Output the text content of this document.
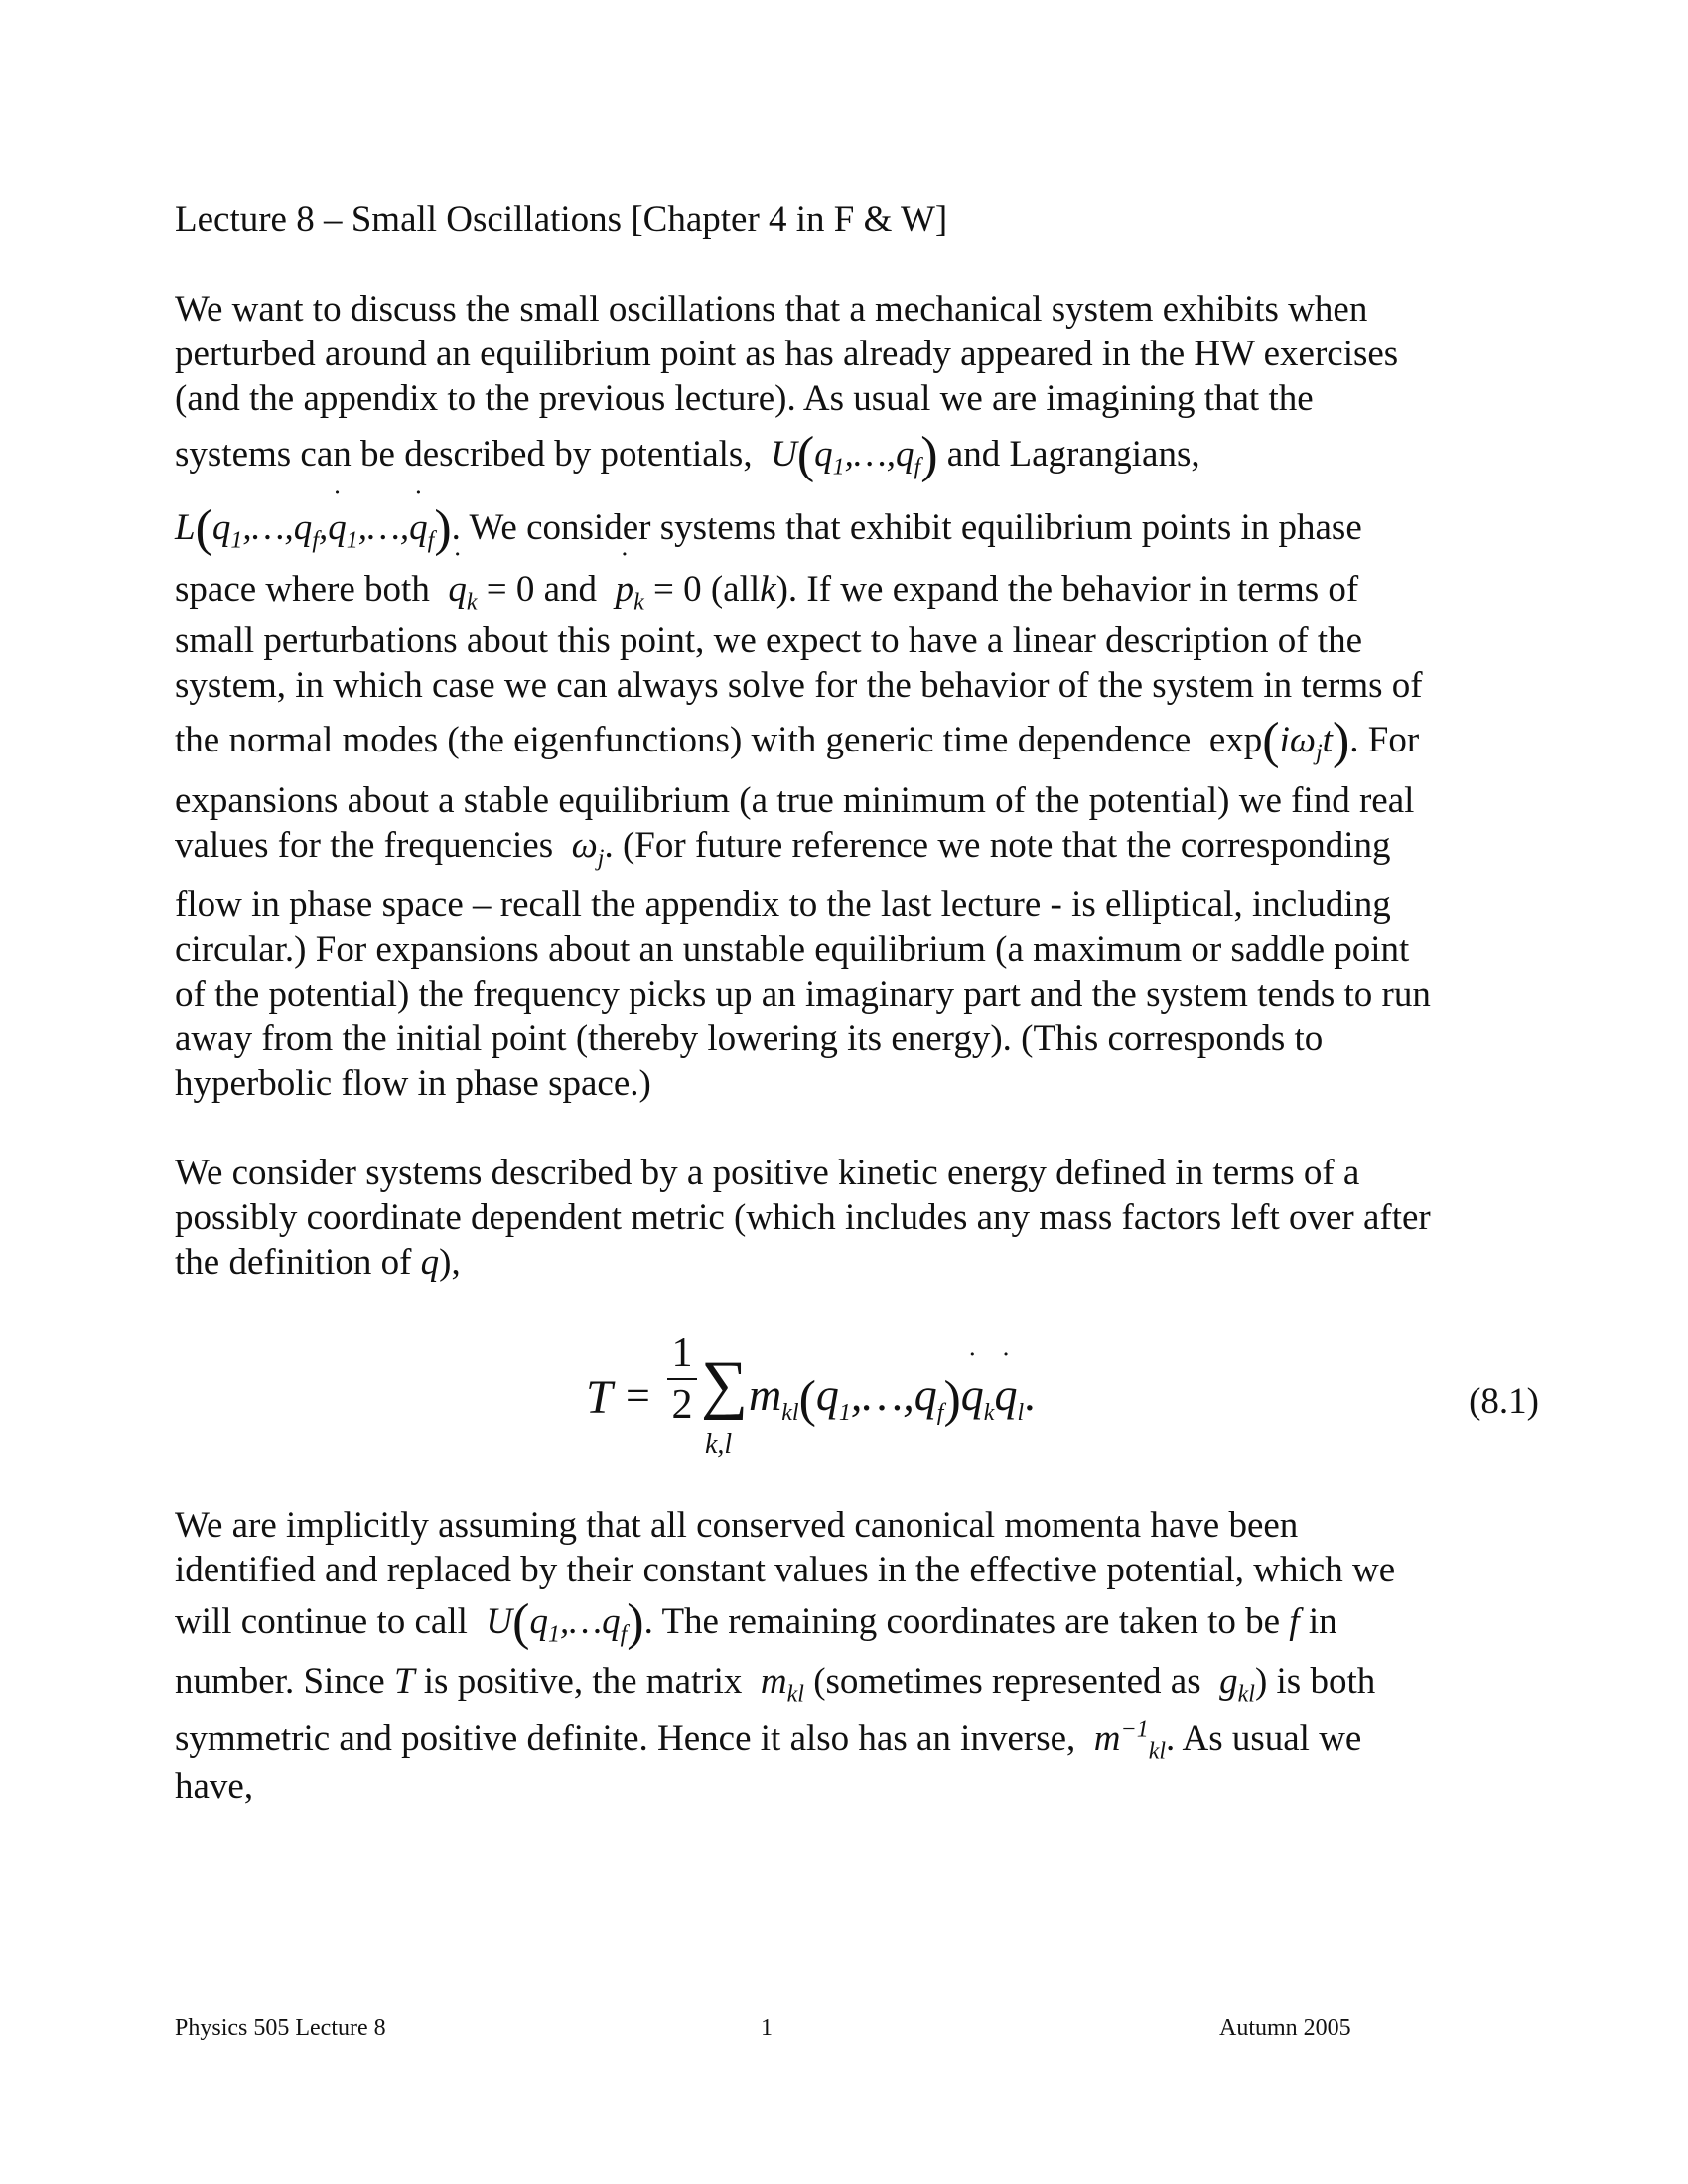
Lecture 8 – Small Oscillations [Chapter 4 in F & W]
We want to discuss the small oscillations that a mechanical system exhibits when
perturbed around an equilibrium point as has already appeared in the HW exercises
(and the appendix to the previous lecture). As usual we are imagining that the
systems can be described by potentials,  $U(q_1,\dots,q_f)$ and Lagrangians,
$L(q_1,\dots,q_f,˙$ $q_1,\dots,˙$ $q_f$). We consider systems that exhibit equilibrium points in phase
space where both ˙ $q_k = 0$ and ˙ $p_k = 0$ (allk). If we expand the behavior in terms of
small perturbations about this point, we expect to have a linear description of the
system, in which case we can always solve for the behavior of the system in terms of
the normal modes (the eigenfunctions) with generic time dependence  $\exp(i\omega_jt)$. For
expansions about a stable equilibrium (a true minimum of the potential) we find real
values for the frequencies  $\omega_j$. (For future reference we note that the corresponding
flow in phase space – recall the appendix to the last lecture - is elliptical, including
circular.) For expansions about an unstable equilibrium (a maximum or saddle point
of the potential) the frequency picks up an imaginary part and the system tends to run
away from the initial point (thereby lowering its energy). (This corresponds to
hyperbolic flow in phase space.)
We consider systems described by a positive kinetic energy defined in terms of a
possibly coordinate dependent metric (which includes any mass factors left over after
the definition of q),
T =
1
2 ∑
k,l
$m_{kl}(q_1,\dots,q_f)˙$ $q_k˙$ $q_l$.	(8.1)
We are implicitly assuming that all conserved canonical momenta have been
identified and replaced by their constant values in the effective potential, which we
will continue to call  $U(q_1,\dots q_f)$. The remaining coordinates are taken to be f in
number. Since T is positive, the matrix  $m_{kl}$ (sometimes represented as  $g_{kl}$) is both
symmetric and positive definite. Hence it also has an inverse,  $m^{-1}_{kl}$. As usual we
have,
Physics 505 Lecture 8	1	Autumn 2005
